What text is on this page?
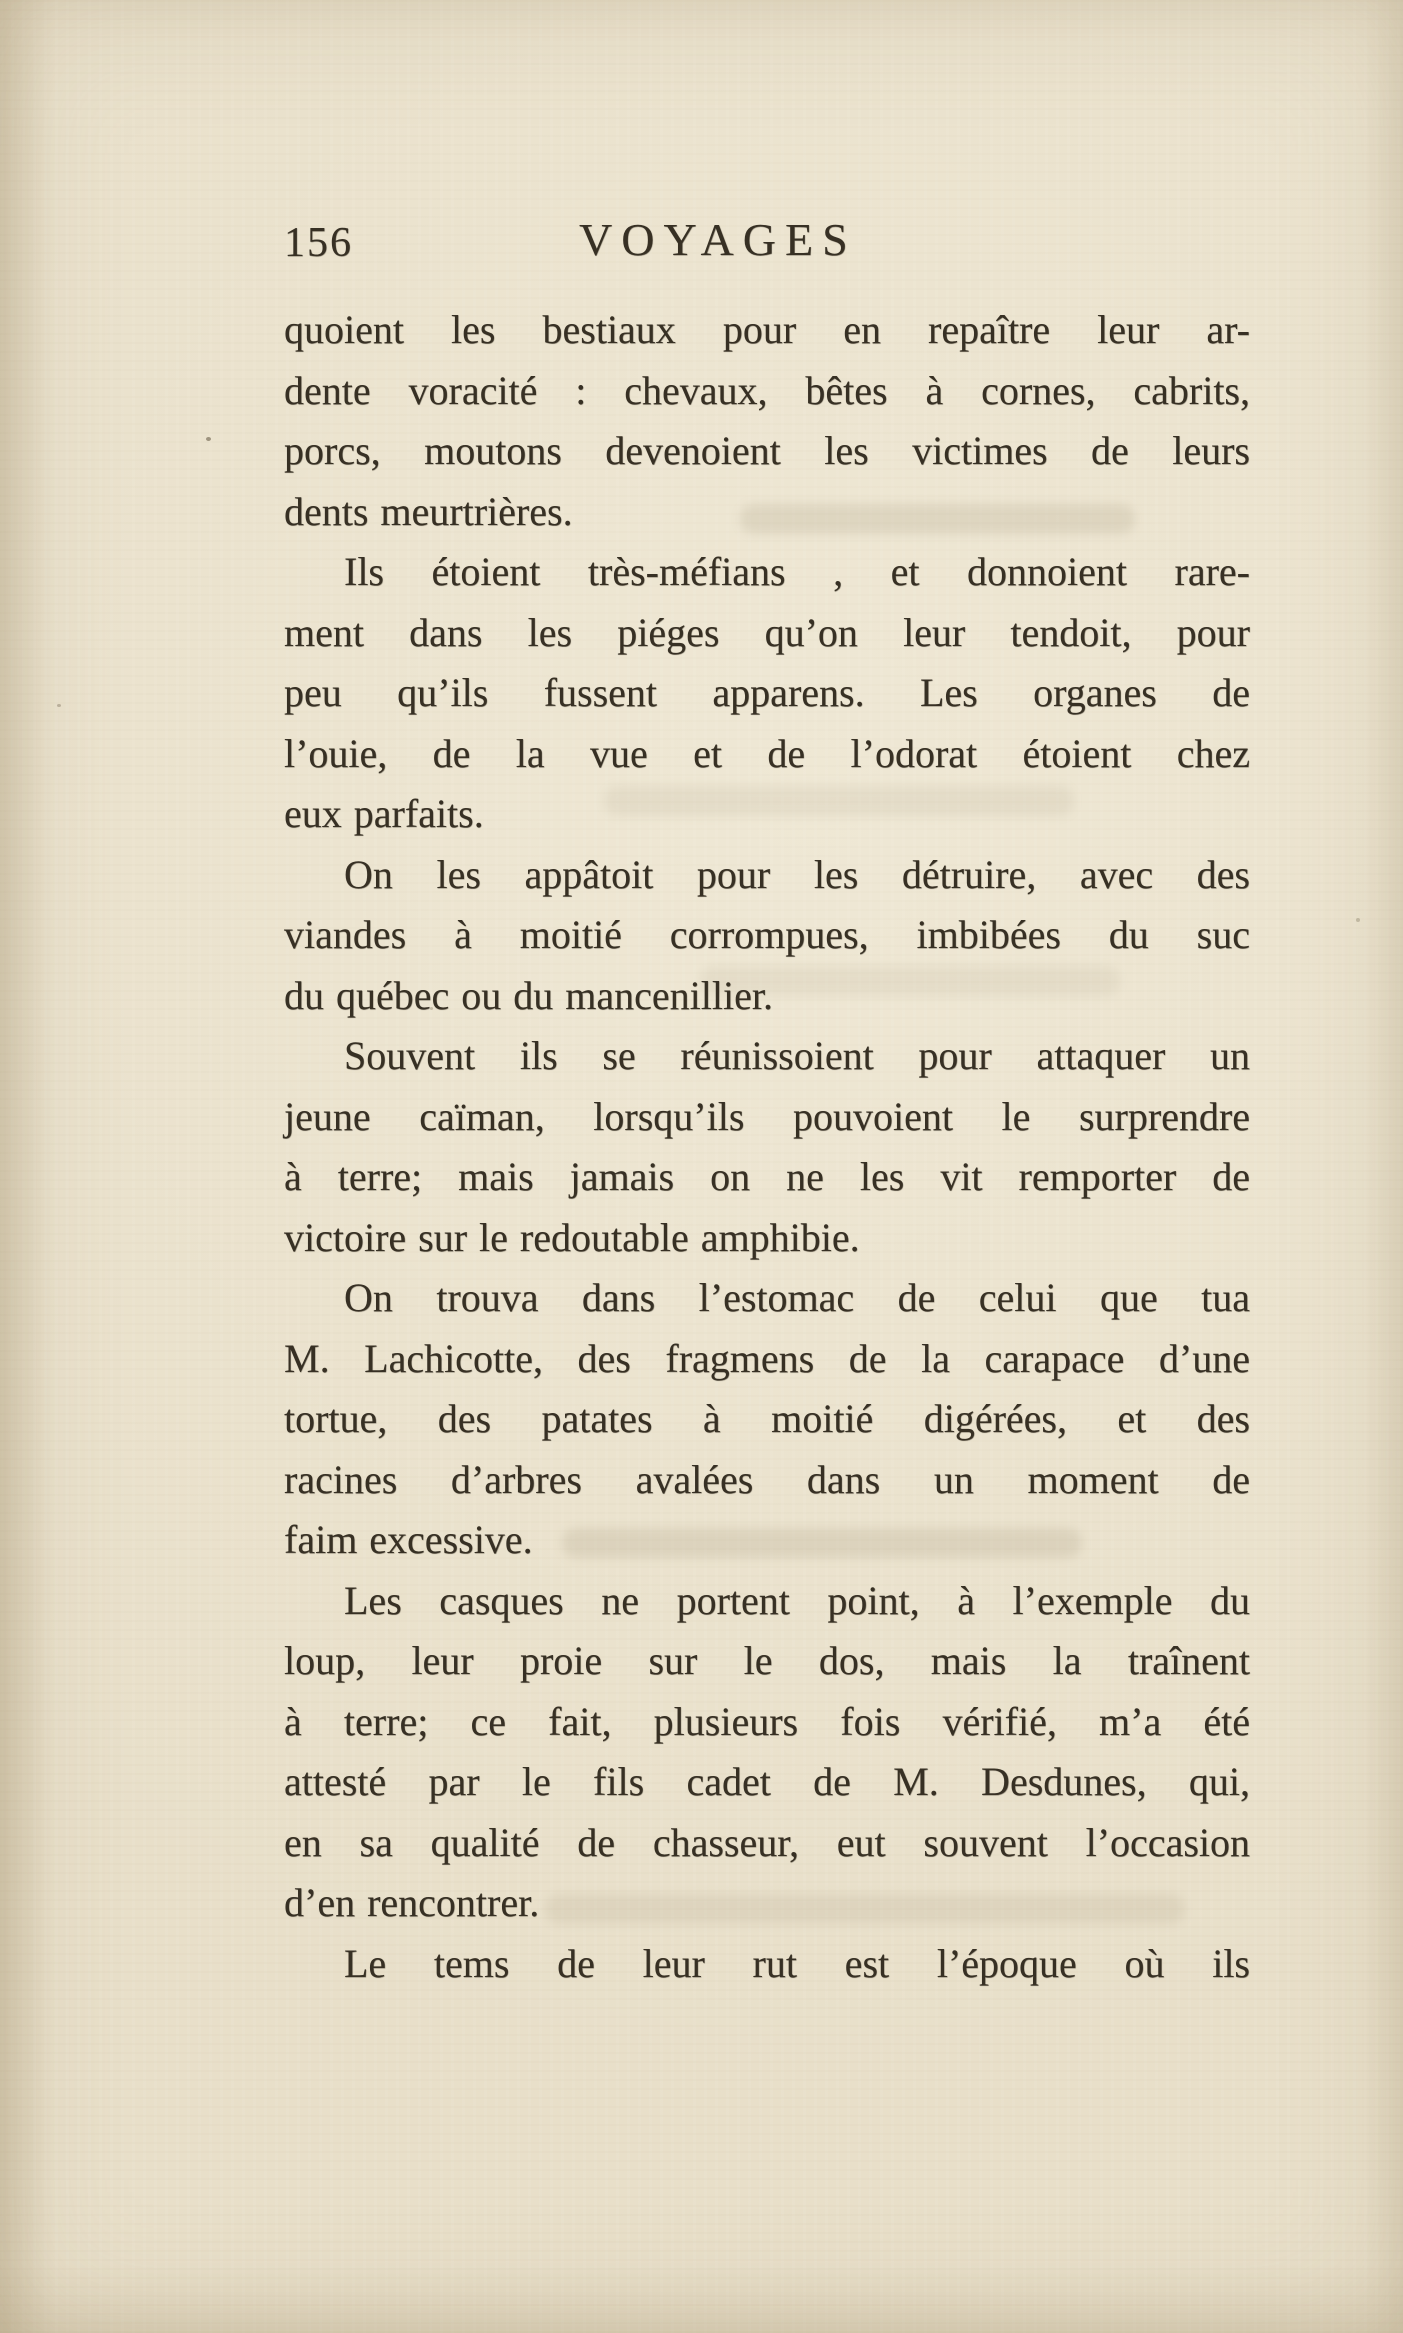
156	VOYAGES
quoient les bestiaux pour en repaître leur ar-
dente voracité : chevaux, bêtes à cornes, cabrits,
porcs, moutons devenoient les victimes de leurs
dents meurtrières.
Ils étoient très-méfians , et donnoient rare-
ment dans les piéges qu’on leur tendoit, pour
peu qu’ils fussent apparens. Les organes de
l’ouie, de la vue et de l’odorat étoient chez
eux parfaits.
On les appâtoit pour les détruire, avec des
viandes à moitié corrompues, imbibées du suc
du québec ou du mancenillier.
Souvent ils se réunissoient pour attaquer un
jeune caïman, lorsqu’ils pouvoient le surprendre
à terre; mais jamais on ne les vit remporter de
victoire sur le redoutable amphibie.
On trouva dans l’estomac de celui que tua
M. Lachicotte, des fragmens de la carapace d’une
tortue, des patates à moitié digérées, et des
racines d’arbres avalées dans un moment de
faim excessive.
Les casques ne portent point, à l’exemple du
loup, leur proie sur le dos, mais la traînent
à terre; ce fait, plusieurs fois vérifié, m’a été
attesté par le fils cadet de M. Desdunes, qui,
en sa qualité de chasseur, eut souvent l’occasion
d’en rencontrer.
Le tems de leur rut est l’époque où ils
